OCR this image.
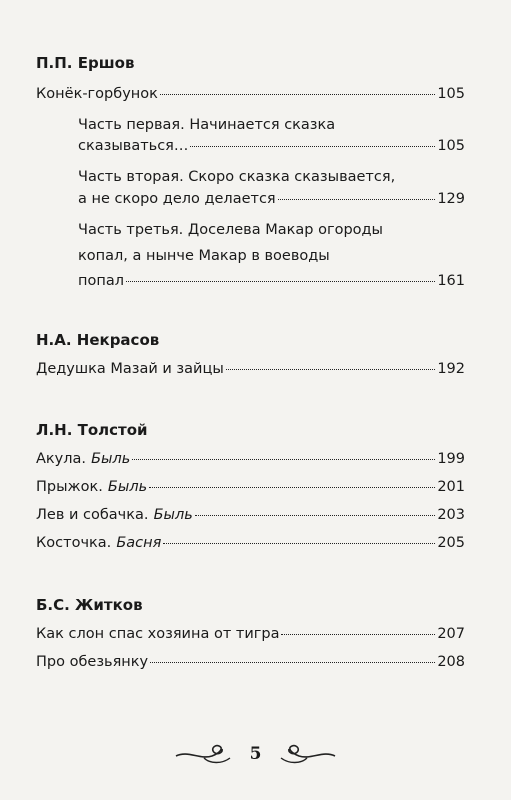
П.П. Ершов
Конёк-горбунок	105
Часть первая. Начинается сказка
сказываться…	105
Часть вторая. Скоро сказка сказывается,
а не скоро дело делается	129
Часть третья. Доселева Макар огороды
копал, а нынче Макар в воеводы
попал	161
Н.А. Некрасов
Дедушка Мазай и зайцы	192
Л.Н. Толстой
Акула. Быль	199
Прыжок. Быль	201
Лев и собачка. Быль	203
Косточка. Басня	205
Б.С. Житков
Как слон спас хозяина от тигра	207
Про обезьянку	208
5
